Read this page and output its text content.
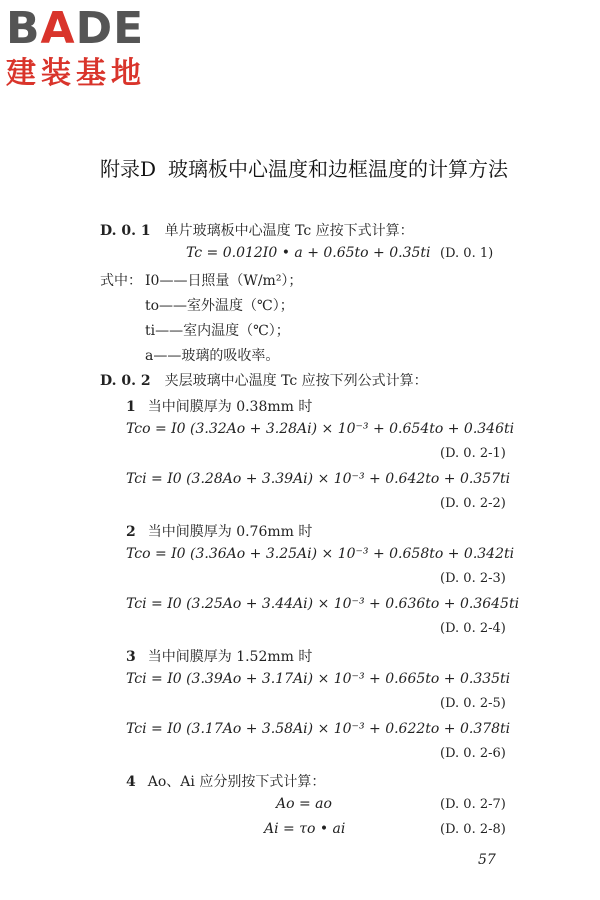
BADE
建装基地
附录D 玻璃板中心温度和边框温度的计算方法
D. 0. 1 单片玻璃板中心温度 Tc 应按下式计算：
Tc = 0.012I0 • a + 0.65to + 0.35ti (D. 0. 1)
式中： I0——日照量（W/m²）；
to——室外温度（℃）；
ti——室内温度（℃）；
a——玻璃的吸收率。
D. 0. 2 夹层玻璃中心温度 Tc 应按下列公式计算：
1 当中间膜厚为 0.38mm 时
Tco = I0 (3.32Ao + 3.28Ai) × 10⁻³ + 0.654to + 0.346ti
(D. 0. 2-1)
Tci = I0 (3.28Ao + 3.39Ai) × 10⁻³ + 0.642to + 0.357ti
(D. 0. 2-2)
2 当中间膜厚为 0.76mm 时
Tco = I0 (3.36Ao + 3.25Ai) × 10⁻³ + 0.658to + 0.342ti
(D. 0. 2-3)
Tci = I0 (3.25Ao + 3.44Ai) × 10⁻³ + 0.636to + 0.3645ti
(D. 0. 2-4)
3 当中间膜厚为 1.52mm 时
Tci = I0 (3.39Ao + 3.17Ai) × 10⁻³ + 0.665to + 0.335ti
(D. 0. 2-5)
Tci = I0 (3.17Ao + 3.58Ai) × 10⁻³ + 0.622to + 0.378ti
(D. 0. 2-6)
4 Ao、Ai 应分别按下式计算：
Ao = ao	(D. 0. 2-7)
Ai = τo • ai	(D. 0. 2-8)
57
